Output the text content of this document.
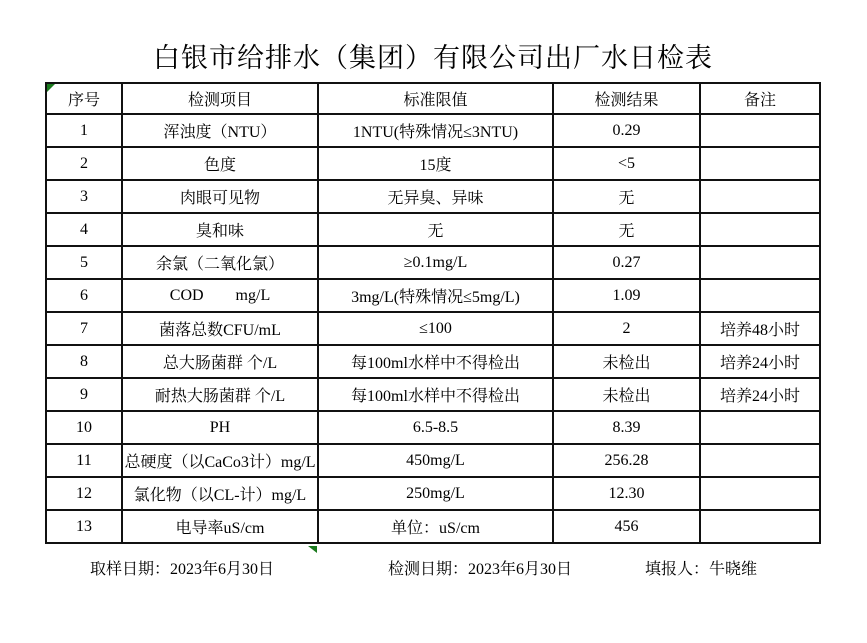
白银市给排水（集团）有限公司出厂水日检表
序号	检测项目	标准限值	检测结果	备注
1	浑浊度（NTU）	1NTU(特殊情况≤3NTU)	0.29	
2	色度	15度	<5	
3	肉眼可见物	无异臭、异味	无	
4	臭和味	无	无	
5	余氯（二氧化氯）	≥0.1mg/L	0.27	
6	COD        mg/L	3mg/L(特殊情况≤5mg/L)	1.09	
7	菌落总数CFU/mL	≤100	2	培养48小时
8	总大肠菌群 个/L	每100ml水样中不得检出	未检出	培养24小时
9	耐热大肠菌群 个/L	每100ml水样中不得检出	未检出	培养24小时
10	PH	6.5-8.5	8.39	
11	总硬度（以CaCo3计）mg/L	450mg/L	256.28	
12	氯化物（以CL-计）mg/L	250mg/L	12.30	
13	电导率uS/cm	单位：uS/cm	456	
取样日期：2023年6月30日	检测日期：2023年6月30日	填报人：牛晓维
